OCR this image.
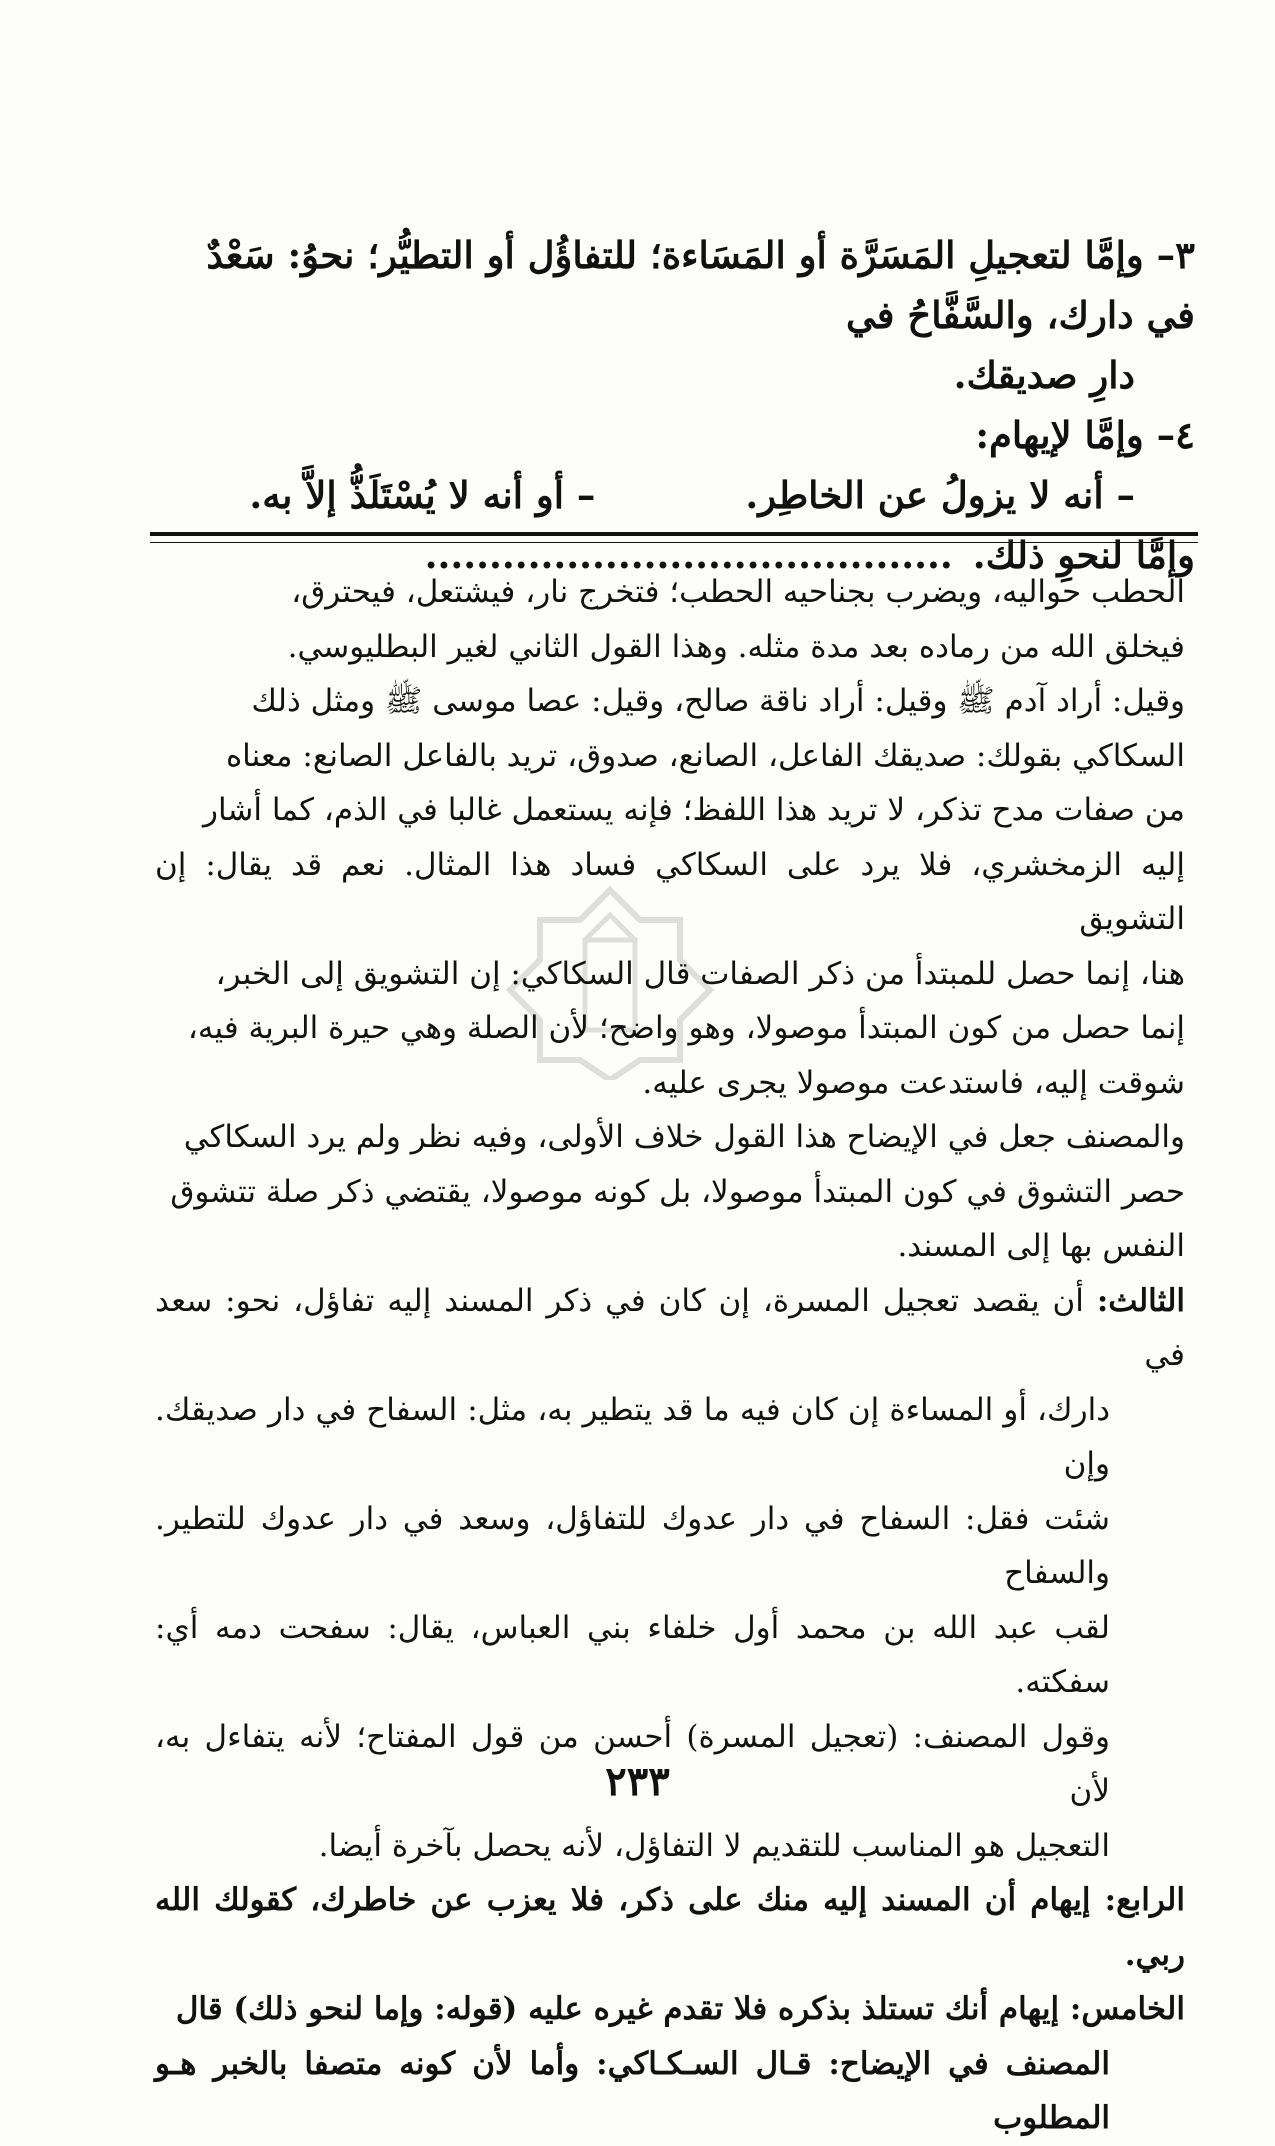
٣– وإمَّا لتعجيلِ المَسَرَّة أو المَسَاءة؛ للتفاؤُل أو التطيُّر؛ نحوُ: سَعْدٌ في دارك، والسَّفَّاحُ في

دارِ صديقك.

٤– وإمَّا لإيهام:

– أنه لا يزولُ عن الخاطِر.
– أو أنه لا يُسْتَلَذُّ إلاَّ به.

وإمَّا لنحوِ ذلك..........................................

الحطب حواليه، ويضرب بجناحيه الحطب؛ فتخرج نار، فيشتعل، فيحترق،

فيخلق الله من رماده بعد مدة مثله. وهذا القول الثاني لغير البطليوسي.

وقيل: أراد آدم ﷺ وقيل: أراد ناقة صالح، وقيل: عصا موسى ﷺ ومثل ذلك

السكاكي بقولك: صديقك الفاعل، الصانع، صدوق، تريد بالفاعل الصانع: معناه

من صفات مدح تذكر، لا تريد هذا اللفظ؛ فإنه يستعمل غالبا في الذم، كما أشار

إليه الزمخشري، فلا يرد على السكاكي فساد هذا المثال. نعم قد يقال: إن التشويق

هنا، إنما حصل للمبتدأ من ذكر الصفات قال السكاكي: إن التشويق إلى الخبر،

إنما حصل من كون المبتدأ موصولا، وهو واضح؛ لأن الصلة وهي حيرة البرية فيه،

شوقت إليه، فاستدعت موصولا يجرى عليه.

والمصنف جعل في الإيضاح هذا القول خلاف الأولى، وفيه نظر ولم يرد السكاكي

حصر التشوق في كون المبتدأ موصولا، بل كونه موصولا، يقتضي ذكر صلة تتشوق

النفس بها إلى المسند.

الثالث: أن يقصد تعجيل المسرة، إن كان في ذكر المسند إليه تفاؤل، نحو: سعد في

دارك، أو المساءة إن كان فيه ما قد يتطير به، مثل: السفاح في دار صديقك. وإن

شئت فقل: السفاح في دار عدوك للتفاؤل، وسعد في دار عدوك للتطير. والسفاح

لقب عبد الله بن محمد أول خلفاء بني العباس، يقال: سفحت دمه أي: سفكته.

وقول المصنف: (تعجيل المسرة) أحسن من قول المفتاح؛ لأنه يتفاءل به، لأن

التعجيل هو المناسب للتقديم لا التفاؤل، لأنه يحصل بآخرة أيضا.

الرابع: إيهام أن المسند إليه منك على ذكر، فلا يعزب عن خاطرك، كقولك الله ربي.

الخامس: إيهام أنك تستلذ بذكره فلا تقدم غيره عليه (قوله: وإما لنحو ذلك) قال

المصنف في الإيضاح: قـال السـكـاكي: وأما لأن كونه متصفا بالخبر هـو المطلوب

٢٣٣
